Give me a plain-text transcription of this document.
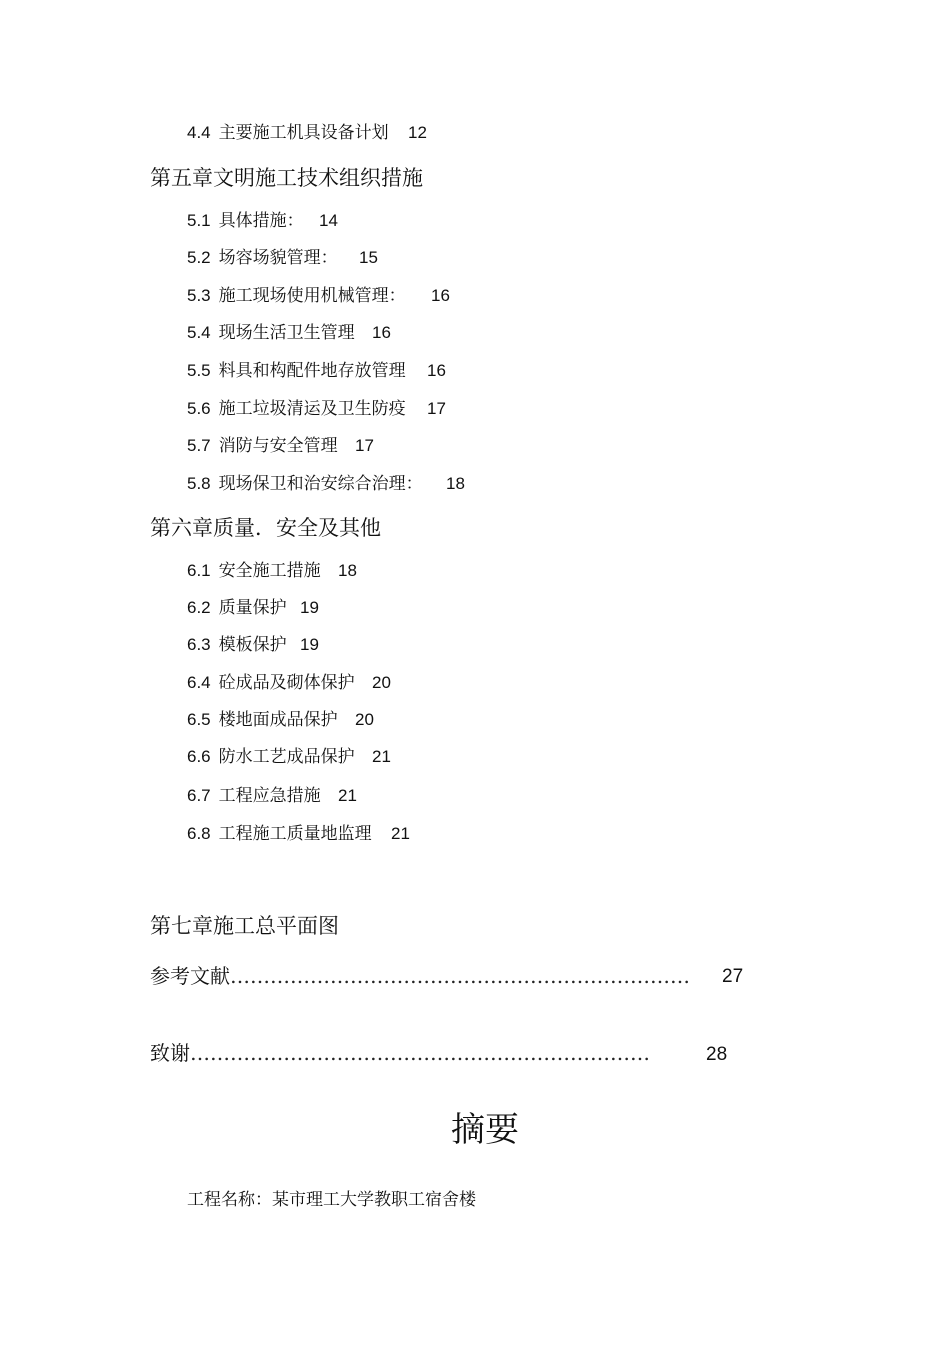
4.4 主要施工机具设备计划 12
第五章文明施工技术组织措施
5.1 具体措施： 14
5.2 场容场貌管理： 15
5.3 施工现场使用机械管理： 16
5.4 现场生活卫生管理 16
5.5 料具和构配件地存放管理 16
5.6 施工垃圾清运及卫生防疫 17
5.7 消防与安全管理 17
5.8 现场保卫和治安综合治理： 18
第六章质量．安全及其他
6.1 安全施工措施 18
6.2 质量保护 19
6.3 模板保护 19
6.4 砼成品及砌体保护 20
6.5 楼地面成品保护 20
6.6 防水工艺成品保护 21
6.7 工程应急措施 21
6.8 工程施工质量地监理 21
第七章施工总平面图
参考文献…………………………………………………………… 27
致谢……………………………………………………………	28
摘要
工程名称：某市理工大学教职工宿舍楼
